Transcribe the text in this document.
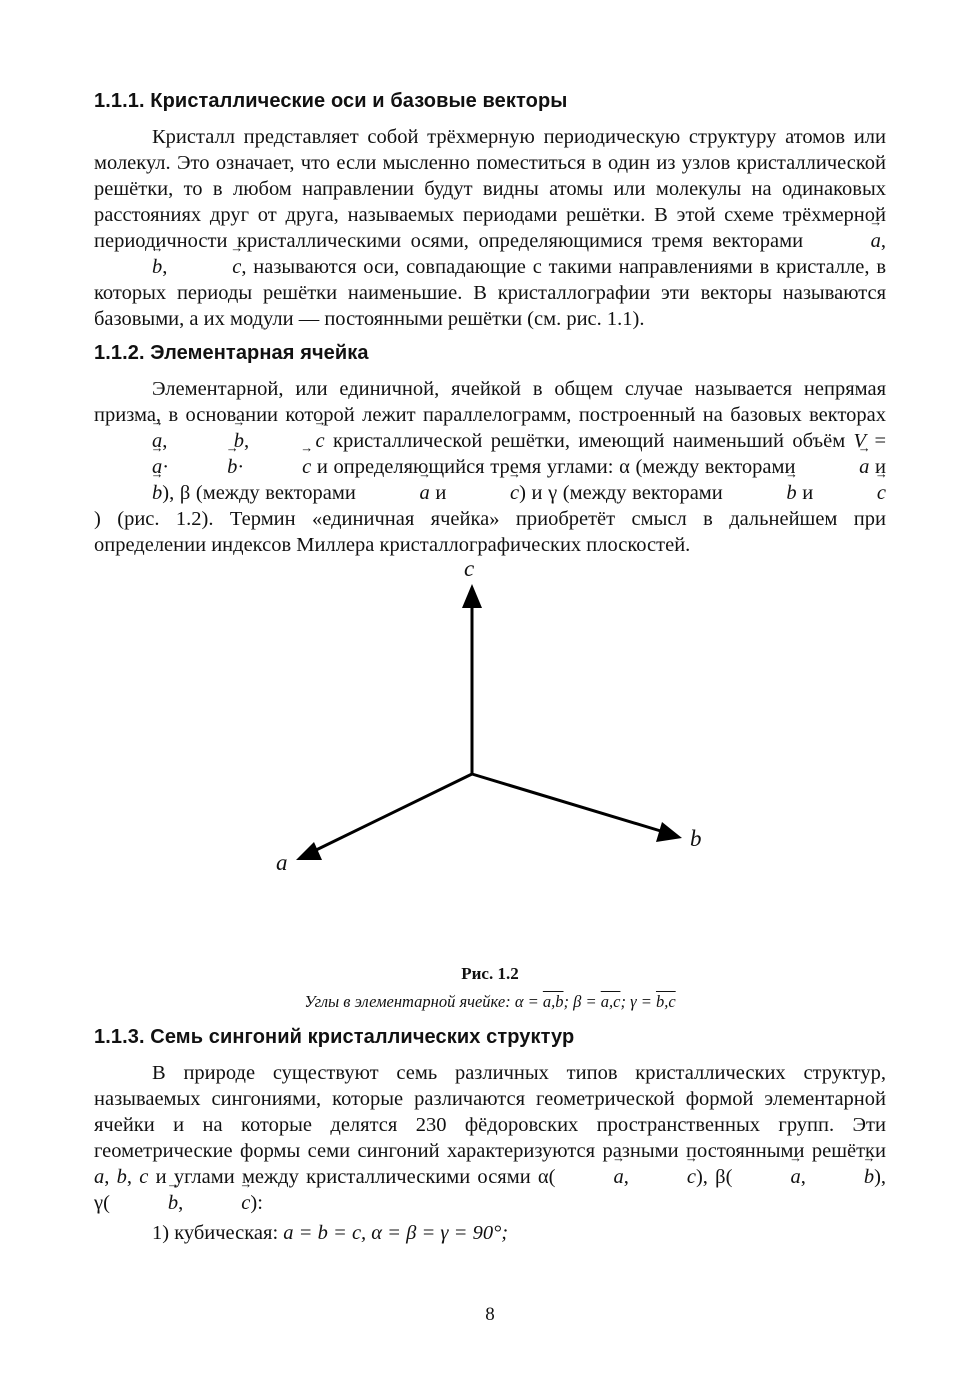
1.1.1. Кристаллические оси и базовые векторы

Кристалл представляет собой трёхмерную периодическую структуру атомов или молекул. Это означает, что если мысленно поместиться в один из узлов кристаллической решётки, то в любом направлении будут видны атомы или молекулы на одинаковых расстояниях друг от друга, называемых периодами решётки. В этой схеме трёхмерной периодичности кристаллическими осями, определяющимися тремя векторами	→ a, → b,	→ c, называются оси, совпадающие с такими направлениями в кристалле, в которых периоды решётки наименьшие. В кристаллографии эти векторы называются базовыми, а их модули — постоянными решётки (см. рис. 1.1).

1.1.2. Элементарная ячейка

Элементарной, или единичной, ячейкой в общем случае называется непрямая призма, в основании которой лежит параллелограмм, построенный на базовых векторах → a,	→ b,	→ c кристаллической решётки, имеющий наименьший объём V = → a·	→ b·	→ c и определяющийся тремя углами: α (между векторами	→ a и → b), β (между векторами	→ a и	→ c) и γ (между векторами	→ b и	→ c) (рис. 1.2). Термин «единичная ячейка» приобретёт смысл в дальнейшем при определении индексов Миллера кристаллографических плоскостей.

c
a
b
Рис. 1.2
Углы в элементарной ячейке: α = a,b; β = a,c; γ = b,c
1.1.3. Семь сингоний кристаллических структур

В природе существуют семь различных типов кристаллических структур, называемых сингониями, которые различаются геометрической формой элементарной ячейки и на которые делятся 230 фёдоровских пространственных групп. Эти геометрические формы семи сингоний характеризуются разными постоянными решётки a, b, c и углами между кристаллическими осями α(	→ a,	→ c), β(	→ a,	→ b), γ(	→ b,	→ c):

1) кубическая: a = b = c, α = β = γ = 90°;

8
